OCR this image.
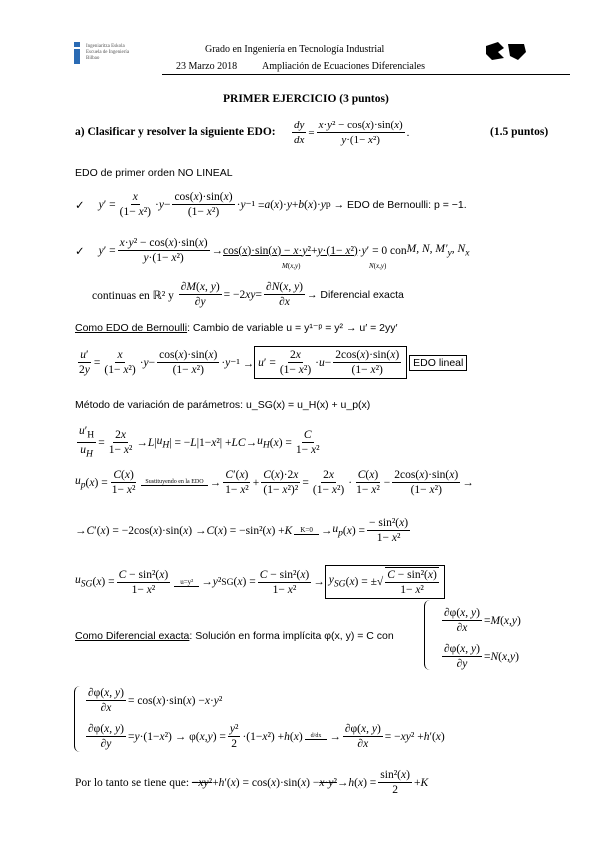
Ingeniaritza Eskola
Escuela de Ingeniería
Bilbao
Grado en Ingeniería en Tecnología Industrial
23 Marzo 2018 Ampliación de Ecuaciones Diferenciales
PRIMER EJERCICIO (3 puntos)
a) Clasificar y resolver la siguiente EDO: $\frac{dy}{dx} = \frac{\text{x·y² − cos(x)·sin(x)}}{\text{y·(1− x²)}}$ .	(1.5 puntos)
EDO de primer orden NO LINEAL
✓ y ′ = $\frac{x}{\text{(1− x²)}} \cdot y - \frac{\cos(x)\cdot\sin(x)}{\text{(1− x²)}} \cdot y$ ⁻¹ = a ( x )· y + b ( x )· y p
→ EDO de Bernoulli: p = −1.
✓ y ′ = $\frac{\text{x·y² − cos(x)·sin(x)}}{\text{y·(1− x²)}} \to \cos(x)\cdot\sin(x) - x\cdot y^2 + y\cdot(1- x^2) \cdot y$ ′ = 0 con M, N, $M'_y$, $N_x$
M(x,y)	N(x,y)
continuas en ℝ² y
$\frac{\partial M(x, y)}{\partial y} = -2$ xy = $\frac{\partial N(x, y)}{\partial x}$ → Diferencial exacta
Como EDO de Bernoulli: Cambio de variable u = y¹⁻ᵖ = y² → u′ = 2yy′
$\frac{u'}{2y} = \frac{x}{\text{(1− x²)}} \cdot y - \frac{\cos(x)\cdot\sin(x)}{\text{(1− x²)}} \cdot y$ ⁻¹ → u ′ = $\frac{2x}{\text{(1− x²)}} \cdot u - \frac{2\cos(x)\cdot\sin(x)}{\text{(1− x²)}}$	EDO lineal
Método de variación de parámetros: u_SG(x) = u_H(x) + u_p(x)
$\frac{u'_H}{u_H} = \frac{2x}{\text{1− x²}} \to L$ | $u_H$ | = − L |1− x ²| + LC → $u_H$ ( x ) = $\frac{C}{\text{1− x²}}$
$u_p$ ( x ) = $\frac{C(x)}{\text{1− x²}}$	Sustituyendo en la EDO → $\frac{C'(x)}{\text{1− x²}} + \frac{C(x)\cdot 2x}{\text{(1− x²)²}} = \frac{2x}{\text{(1− x²)}} \cdot \frac{C(x)}{\text{1− x²}} - \frac{2\cos(x)\cdot\sin(x)}{\text{(1− x²)}}$ →
→ C ′( x ) = −2cos( x )·sin( x ) → C ( x ) = −sin²( x ) + K	$K=0 \to u_p$ ( x ) = $\frac{\text{− sin²(x)}}{\text{1− x²}}$
$u_{SG}$ ( x ) = $\frac{\text{C − sin²(x)}}{\text{1− x²}}$	u=y² → y ² SG ( x ) = $\frac{\text{C − sin²(x)}}{\text{1− x²}} \to y_{SG}$ ( x ) = ±√ $\frac{\text{C − sin²(x)}}{\text{1− x²}}$
Como Diferencial exacta: Solución en forma implícita φ(x, y) = C con
$\frac{\partial\varphi(x, y)}{\partial x} = M$ ( x , y )
$\frac{\partial\varphi(x, y)}{\partial y} = N$ ( x , y )
$\frac{\partial\varphi(x, y)}{\partial x} = \cos$( x )·sin( x ) − x · y ²
$\frac{\partial\varphi(x, y)}{\partial y} = y \cdot(1- x$ ²) → φ( x , y ) = $\frac{\text{y²}}{2} \cdot(1- x$ ²) + h ( x )	$d/dx \to \frac{\partial\varphi(x, y)}{\partial x}$ = − xy ² + h ′( x )
Por lo tanto se tiene que:
−xy² + h ′( x ) = cos( x )·sin( x ) − x·y² → h ( x ) = $\frac{\text{sin²(x)}}{2} + K$
